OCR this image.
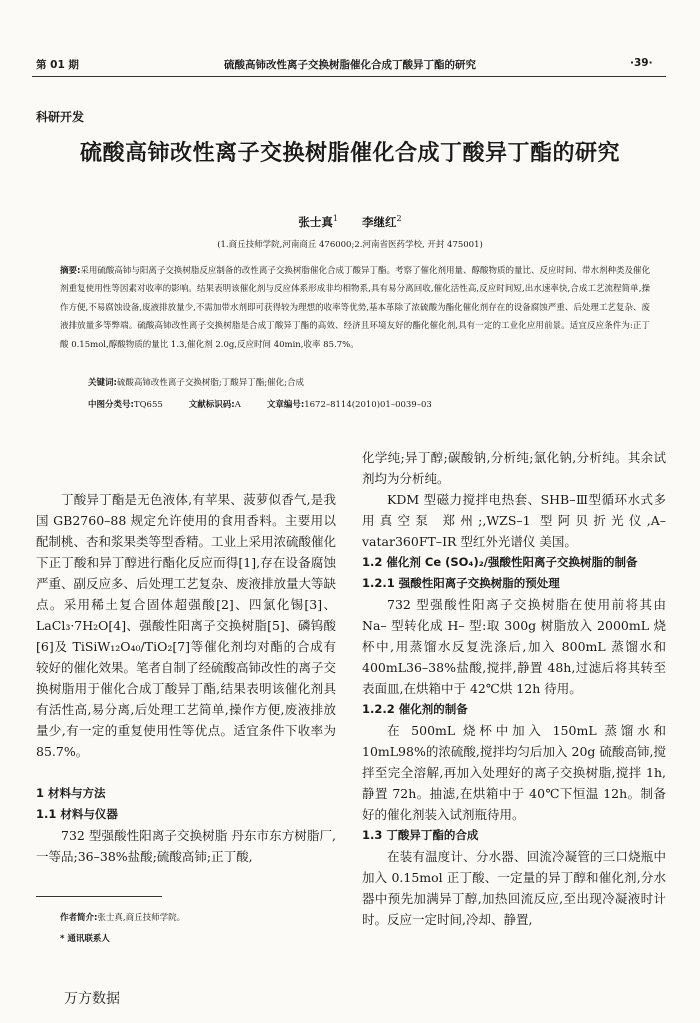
第 01 期	硫酸高铈改性离子交换树脂催化合成丁酸异丁酯的研究	·39·
科研开发
硫酸高铈改性离子交换树脂催化合成丁酸异丁酯的研究
张士真$^1$ 李继红$^2$
(1.商丘技师学院,河南商丘 476000;2.河南省医药学校, 开封 475001)

摘要:采用硫酸高铈与阳离子交换树脂反应制备的改性离子交换树脂催化合成丁酸异丁酯。考察了催化剂用量、醇酸物质的量比、反应时间、带水剂种类及催化剂重复使用性等因素对收率的影响。结果表明该催化剂与反应体系形成非均相物系,具有易分离回收,催化活性高,反应时间短,出水速率快,合成工艺流程简单,操作方便,不易腐蚀设备,废液排放量少,不需加带水剂即可获得较为理想的收率等优势,基本革除了浓硫酸为酯化催化剂存在的设备腐蚀严重、后处理工艺复杂、废液排放量多等弊端。硫酸高铈改性离子交换树脂是合成丁酸异丁酯的高效、经济且环境友好的酯化催化剂,具有一定的工业化应用前景。适宜反应条件为:正丁酸 0.15mol,醇酸物质的量比 1.3,催化剂 2.0g,反应时间 40min,收率 85.7%。

关键词:硫酸高铈改性离子交换树脂;丁酸异丁酯;催化;合成
中图分类号:TQ655	文献标识码:A	文章编号:1672–8114(2010)01–0039–03

丁酸异丁酯是无色液体,有苹果、菠萝似香气,是我国 GB2760–88 规定允许使用的食用香料。主要用以配制桃、杏和浆果类等型香精。工业上采用浓硫酸催化下正丁酸和异丁醇进行酯化反应而得[1],存在设备腐蚀严重、副反应多、后处理工艺复杂、废液排放量大等缺点。采用稀土复合固体超强酸[2]、四氯化锡[3]、LaCl₃·7H₂O[4]、强酸性阳离子交换树脂[5]、磷钨酸[6]及 TiSiW₁₂O₄₀/TiO₂[7]等催化剂均对酯的合成有较好的催化效果。笔者自制了经硫酸高铈改性的离子交换树脂用于催化合成丁酸异丁酯,结果表明该催化剂具有活性高,易分离,后处理工艺简单,操作方便,废液排放量少,有一定的重复使用性等优点。适宜条件下收率为 85.7%。

1 材料与方法

1.1 材料与仪器

732 型强酸性阳离子交换树脂 丹东市东方树脂厂,一等品;36–38%盐酸;硫酸高铈;正丁酸,

化学纯;异丁醇;碳酸钠,分析纯;氯化钠,分析纯。其余试剂均为分析纯。

KDM 型磁力搅拌电热套、SHB–Ⅲ型循环水式多用真空泵 郑州;,WZS–1 型阿贝折光仪,A–vatar360FT–IR 型红外光谱仪 美国。

1.2 催化剂 Ce (SO₄)₂/强酸性阳离子交换树脂的制备

1.2.1 强酸性阳离子交换树脂的预处理

732 型强酸性阳离子交换树脂在使用前将其由 Na– 型转化成 H– 型:取 300g 树脂放入 2000mL 烧杯中,用蒸馏水反复洗涤后,加入 800mL 蒸馏水和 400mL36–38%盐酸,搅拌,静置 48h,过滤后将其转至表面皿,在烘箱中于 42℃烘 12h 待用。

1.2.2 催化剂的制备

在 500mL 烧杯中加入 150mL 蒸馏水和 10mL98%的浓硫酸,搅拌均匀后加入 20g 硫酸高铈,搅拌至完全溶解,再加入处理好的离子交换树脂,搅拌 1h,静置 72h。抽滤,在烘箱中于 40℃下恒温 12h。制备好的催化剂装入试剂瓶待用。

1.3 丁酸异丁酯的合成

在装有温度计、分水器、回流冷凝管的三口烧瓶中加入 0.15mol 正丁酸、一定量的异丁醇和催化剂,分水器中预先加满异丁醇,加热回流反应,至出现冷凝液时计时。反应一定时间,冷却、静置,

作者简介:张士真,商丘技师学院。
* 通讯联系人
万方数据
